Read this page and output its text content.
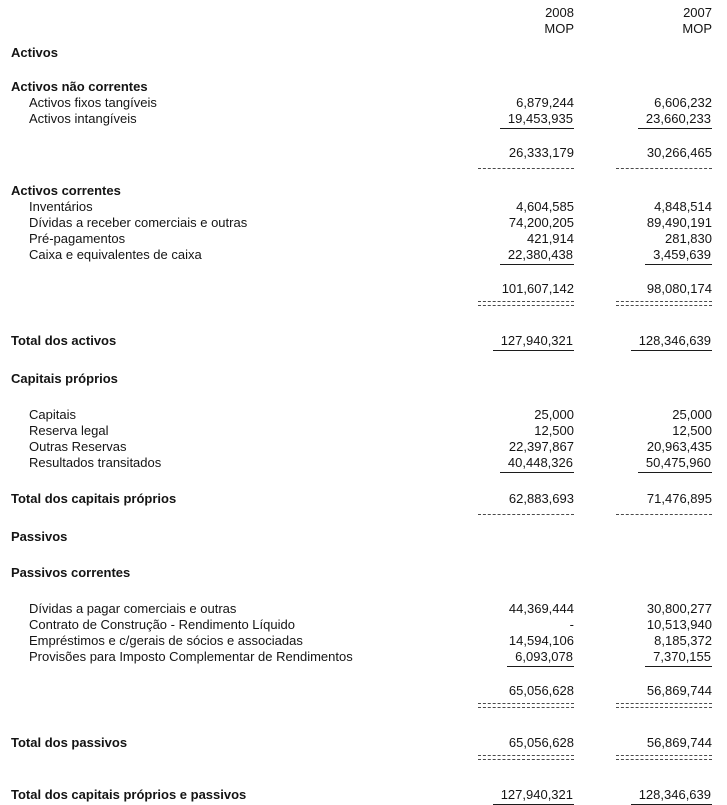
2008	2007
MOP	MOP
Activos
Activos não correntes
Activos fixos tangíveis	6,879,244	6,606,232
Activos intangíveis	19,453,935	23,660,233
26,333,179	30,266,465
Activos correntes
Inventários	4,604,585	4,848,514
Dívidas a receber comerciais e outras	74,200,205	89,490,191
Pré-pagamentos	421,914	281,830
Caixa e equivalentes de caixa	22,380,438	3,459,639
101,607,142	98,080,174
Total dos activos	127,940,321	128,346,639
Capitais próprios
Capitais	25,000	25,000
Reserva legal	12,500	12,500
Outras Reservas	22,397,867	20,963,435
Resultados transitados	40,448,326	50,475,960
Total dos capitais próprios	62,883,693	71,476,895
Passivos
Passivos correntes
Dívidas a pagar comerciais e outras	44,369,444	30,800,277
Contrato de Construção - Rendimento Líquido	-	10,513,940
Empréstimos e c/gerais de sócios e associadas	14,594,106	8,185,372
Provisões para Imposto Complementar de Rendimentos	6,093,078	7,370,155
65,056,628	56,869,744
Total dos passivos	65,056,628	56,869,744
Total dos capitais próprios e passivos	127,940,321	128,346,639
